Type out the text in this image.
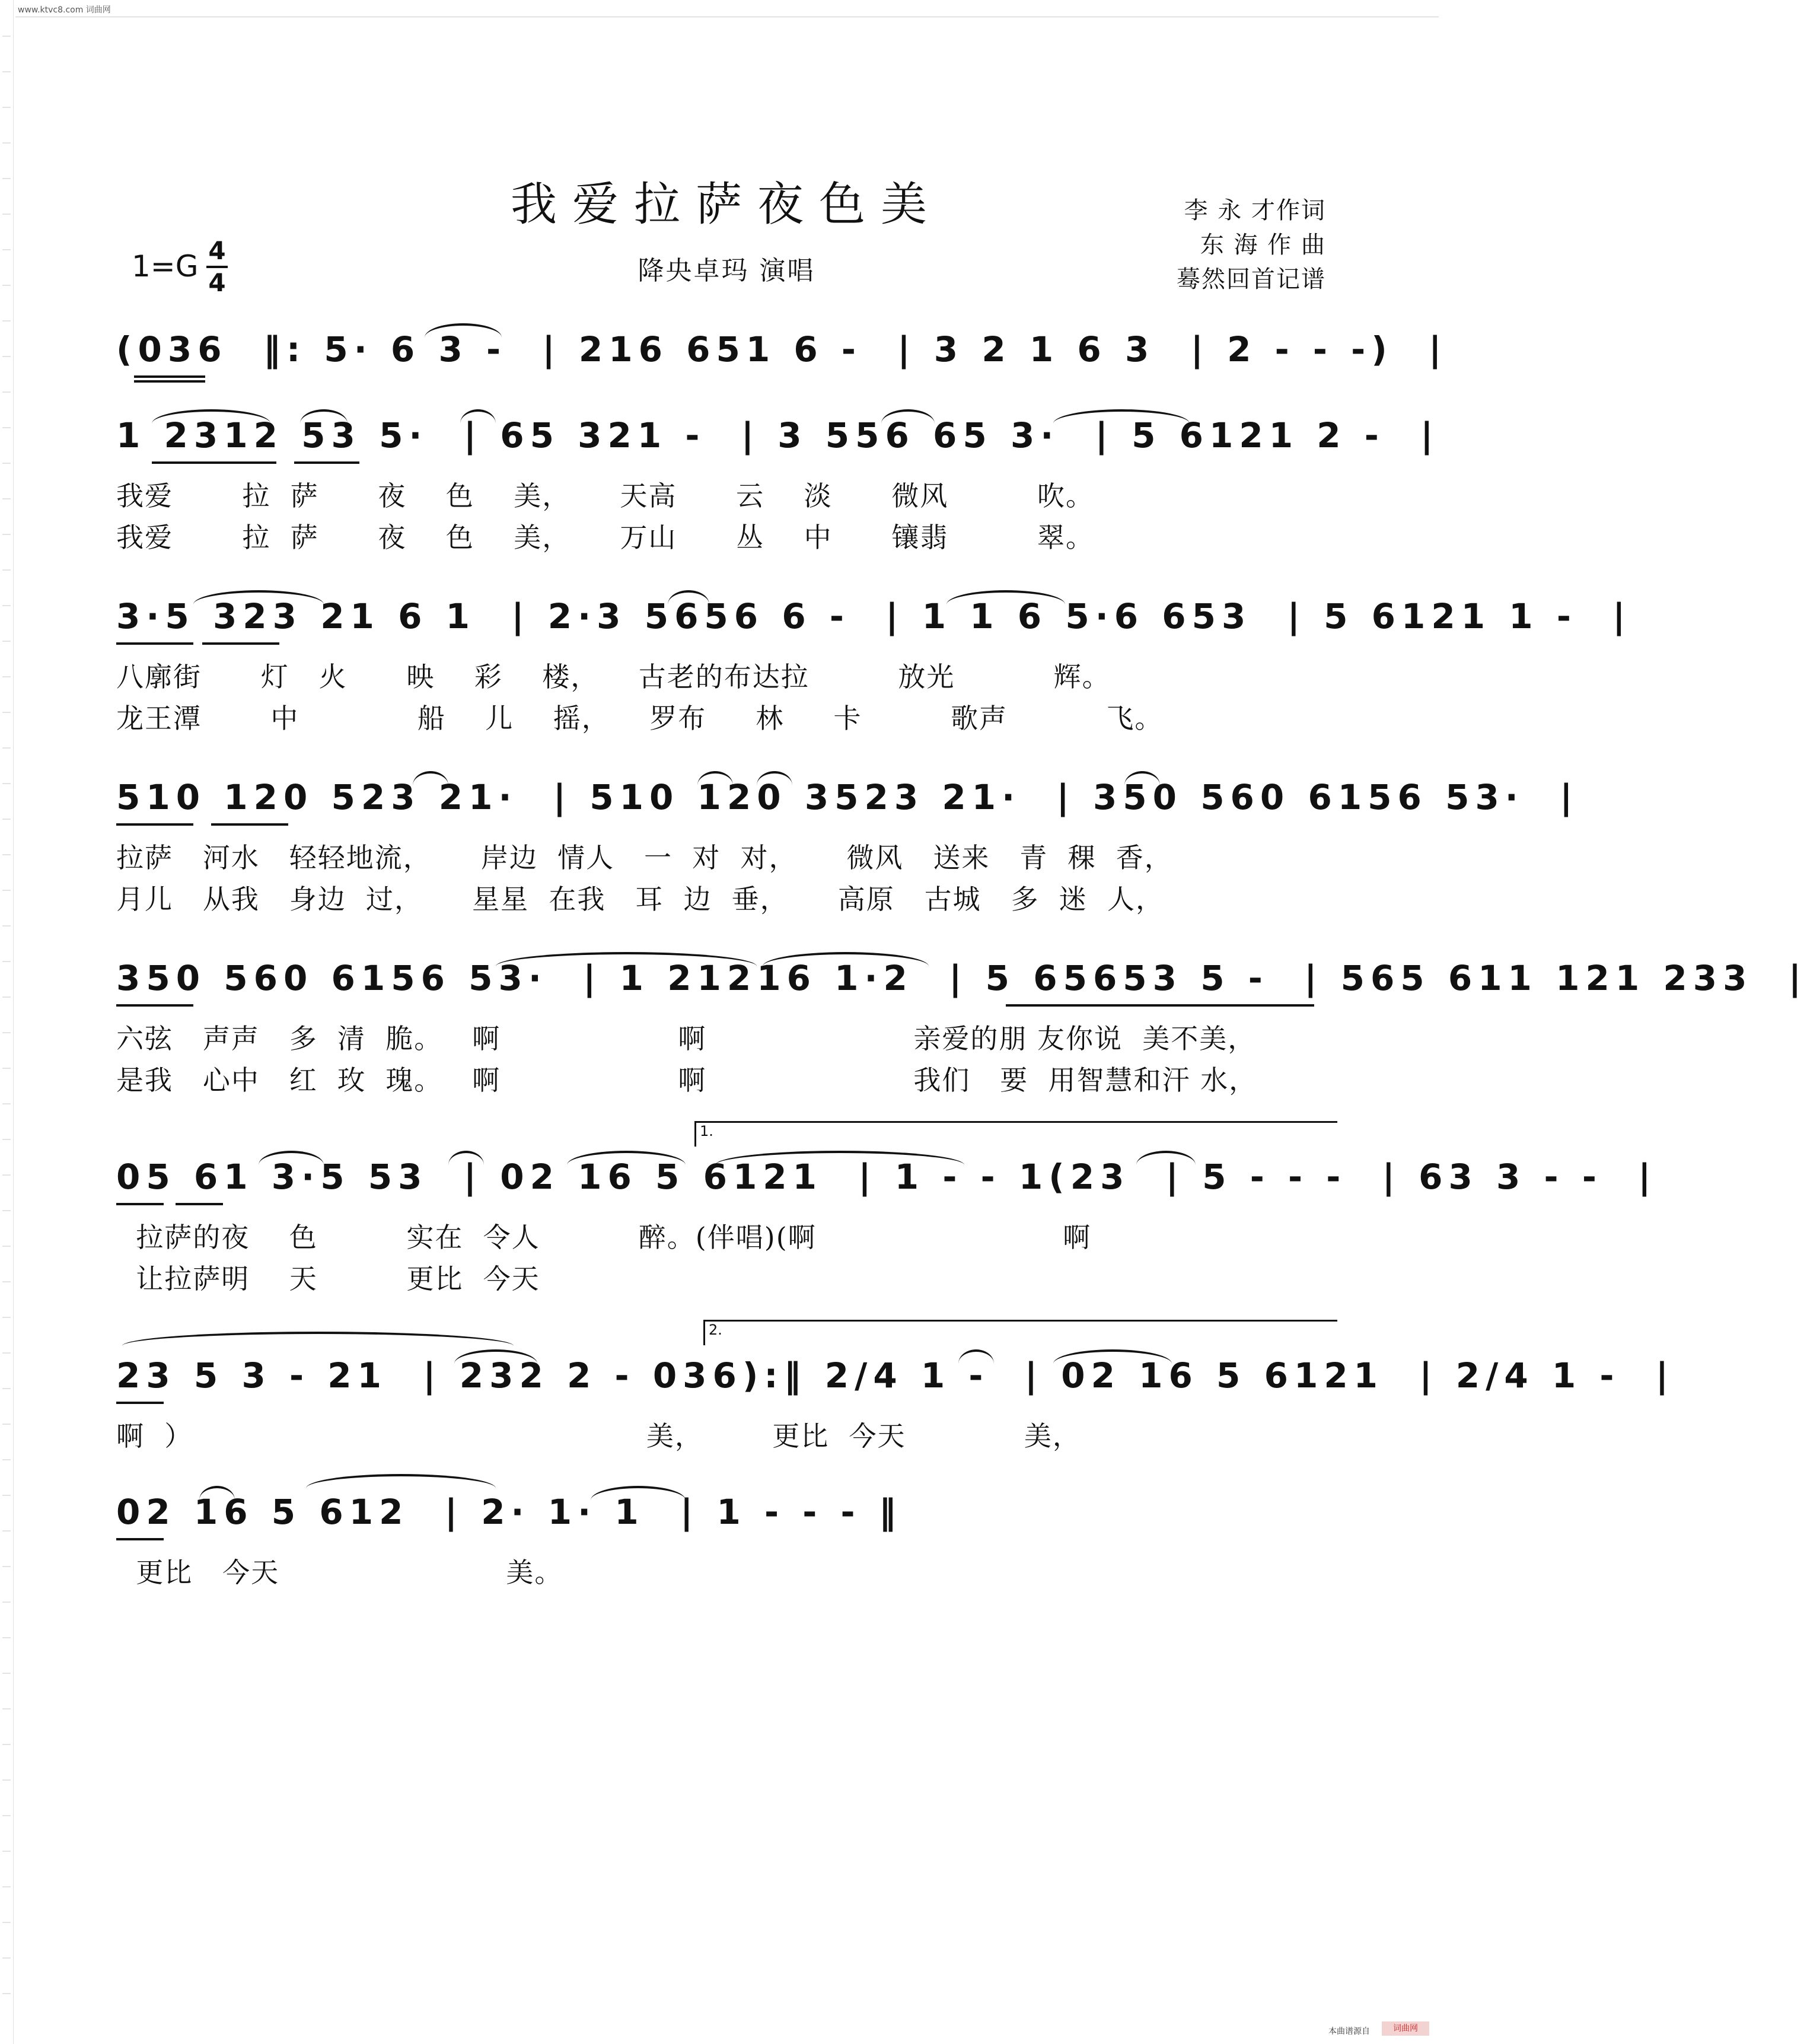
www.ktvc8.com 词曲网
我爱拉萨夜色美
1=G 4
4	降央卓玛 演唱
李 永 才作词
东 海 作 曲
蓦然回首记谱
(036  ‖: 5· 6 3 -  | 216 651 6 -  | 3 2 1 6 3  | 2 - - -)  |
1 2312 53 5·  | 65 321 -  | 3 556 65 3·  | 5 6121 2 -  |
我爱       拉  萨      夜    色    美，     天高      云    淡      微风         吹。
我爱       拉  萨      夜    色    美，     万山      丛    中      镶翡         翠。
3·5 323 21 6 1  | 2·3 5656 6 -  | 1 1 6 5·6 653  | 5 6121 1 -  |
八廓街      灯   火      映    彩    楼，    古老的布达拉         放光          辉。
龙王潭       中            船    儿    摇，    罗布     林     卡         歌声          飞。
510 120 523 21·  | 510 120 3523 21·  | 350 560 6156 53·  |
拉萨   河水   轻轻地流，     岸边  情人   一  对  对，     微风   送来   青  稞  香，
月儿   从我   身边  过，     星星  在我   耳  边  垂，     高原   古城   多  迷  人，
350 560 6156 53·  | 1 21216 1·2  | 5 65653 5 -  | 565 611 121 233  |
六弦   声声   多  清  脆。   啊                  啊                     亲爱的朋 友你说  美不美，
是我   心中   红  玫  瑰。   啊                  啊                     我们   要  用智慧和汗 水，
1.
05 61 3·5 53  | 02 16 5 6121  | 1 - - 1(23  | 5 - - -  | 63 3 - -  |
拉萨的夜    色         实在  令人          醉。(伴唱)(啊                         啊
让拉萨明    天         更比  今天
2.
23 5 3 - 21  | 232 2 - 036):‖ 2/4 1 -  | 02 16 5 6121  | 2/4 1 -  |
啊  ）                                              美，       更比  今天            美，
02 16 5 612  | 2· 1· 1  | 1 - - - ‖
更比   今天                       美。
本曲谱源自	词曲网
